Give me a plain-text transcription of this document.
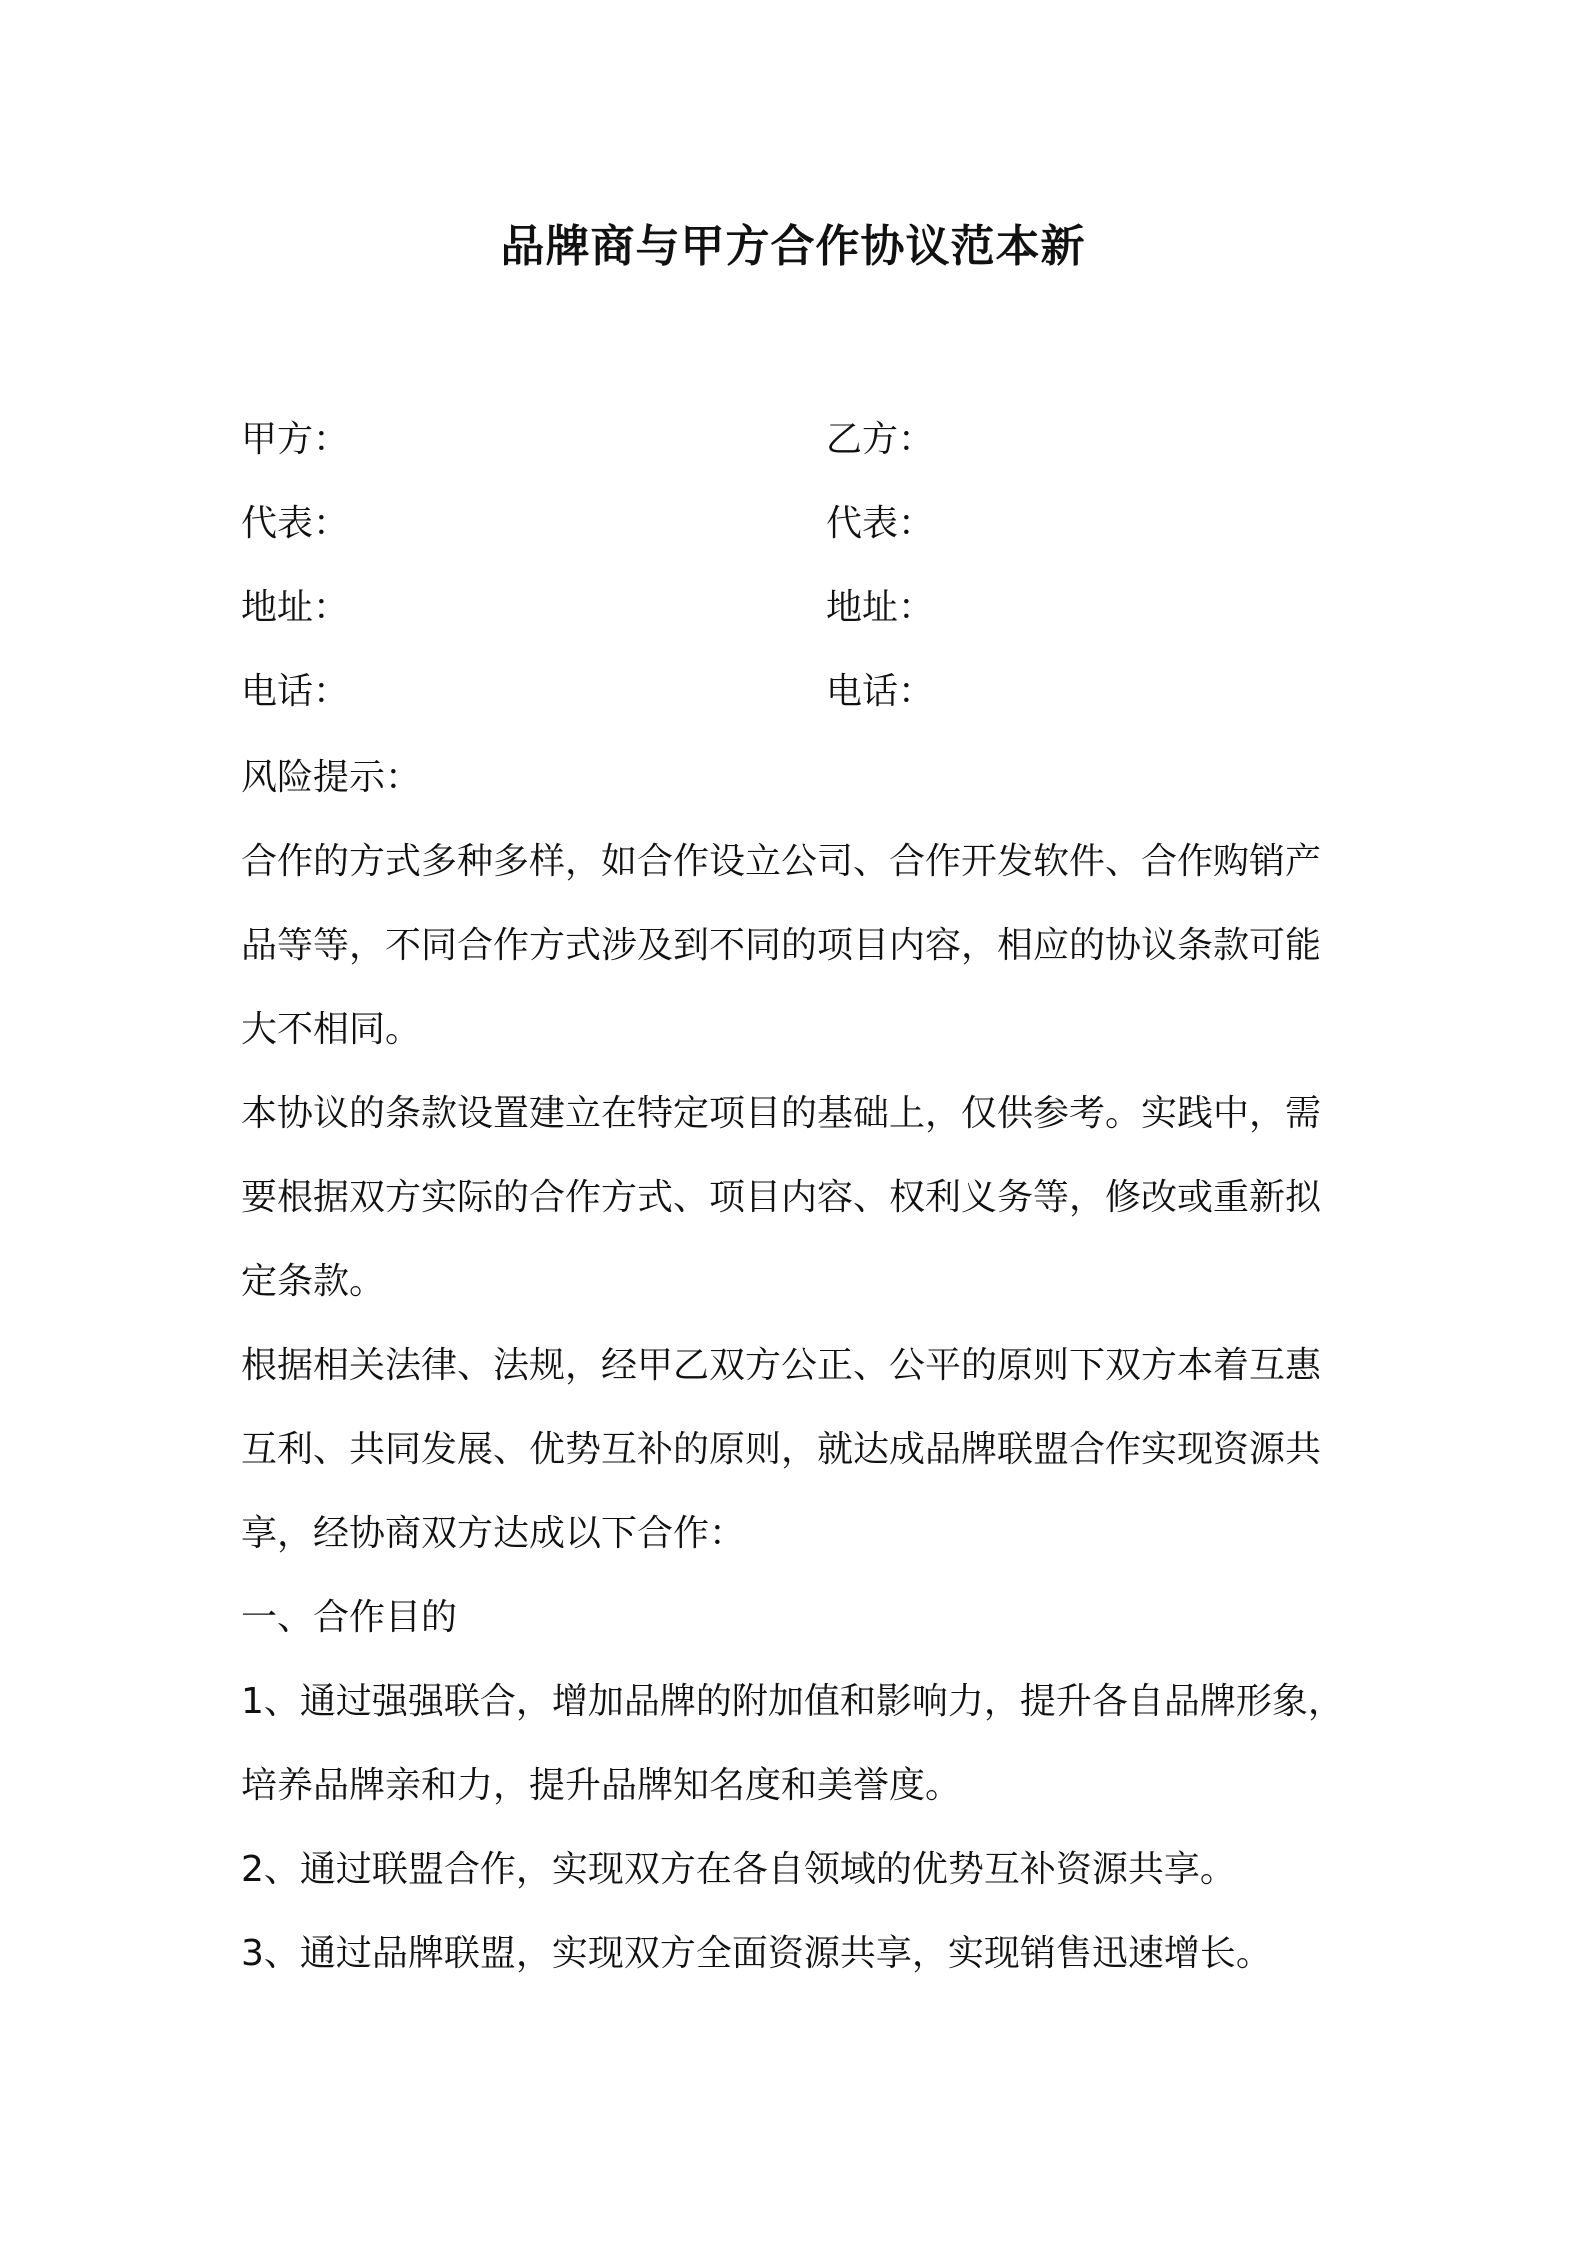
品牌商与甲方合作协议范本新
甲方：	乙方：
代表：	代表：
地址：	地址：
电话：	电话：
风险提示：
合作的方式多种多样，如合作设立公司、合作开发软件、合作购销产
品等等，不同合作方式涉及到不同的项目内容，相应的协议条款可能
大不相同。
本协议的条款设置建立在特定项目的基础上，仅供参考。实践中，需
要根据双方实际的合作方式、项目内容、权利义务等，修改或重新拟
定条款。
根据相关法律、法规，经甲乙双方公正、公平的原则下双方本着互惠
互利、共同发展、优势互补的原则，就达成品牌联盟合作实现资源共
享，经协商双方达成以下合作：
一、合作目的
1、通过强强联合，增加品牌的附加值和影响力，提升各自品牌形象，
培养品牌亲和力，提升品牌知名度和美誉度。
2、通过联盟合作，实现双方在各自领域的优势互补资源共享。
3、通过品牌联盟，实现双方全面资源共享，实现销售迅速增长。
